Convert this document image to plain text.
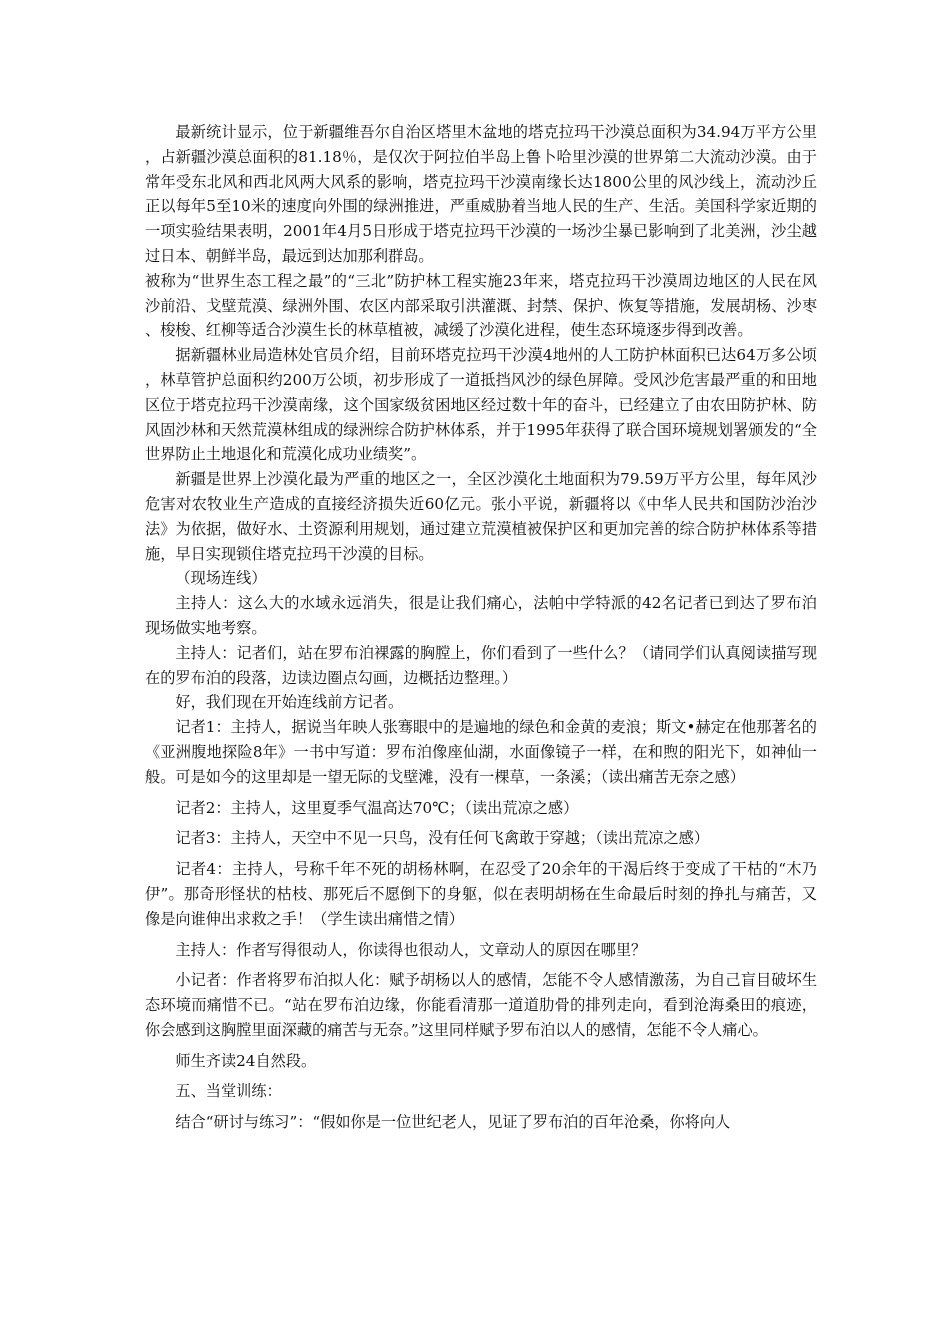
最新统计显示，位于新疆维吾尔自治区塔里木盆地的塔克拉玛干沙漠总面积为34.94万平方公里，占新疆沙漠总面积的81.18％，是仅次于阿拉伯半岛上鲁卜哈里沙漠的世界第二大流动沙漠。由于常年受东北风和西北风两大风系的影响，塔克拉玛干沙漠南缘长达1800公里的风沙线上，流动沙丘正以每年5至10米的速度向外围的绿洲推进，严重威胁着当地人民的生产、生活。美国科学家近期的一项实验结果表明，2001年4月5日形成于塔克拉玛干沙漠的一场沙尘暴已影响到了北美洲，沙尘越过日本、朝鲜半岛，最远到达加那利群岛。

被称为“世界生态工程之最”的“三北”防护林工程实施23年来，塔克拉玛干沙漠周边地区的人民在风沙前沿、戈壁荒漠、绿洲外围、农区内部采取引洪灌溉、封禁、保护、恢复等措施，发展胡杨、沙枣、梭梭、红柳等适合沙漠生长的林草植被，减缓了沙漠化进程，使生态环境逐步得到改善。

据新疆林业局造林处官员介绍，目前环塔克拉玛干沙漠4地州的人工防护林面积已达64万多公顷，林草管护总面积约200万公顷，初步形成了一道抵挡风沙的绿色屏障。受风沙危害最严重的和田地区位于塔克拉玛干沙漠南缘，这个国家级贫困地区经过数十年的奋斗，已经建立了由农田防护林、防风固沙林和天然荒漠林组成的绿洲综合防护林体系，并于1995年获得了联合国环境规划署颁发的“全世界防止土地退化和荒漠化成功业绩奖”。

新疆是世界上沙漠化最为严重的地区之一，全区沙漠化土地面积为79.59万平方公里，每年风沙危害对农牧业生产造成的直接经济损失近60亿元。张小平说，新疆将以《中华人民共和国防沙治沙法》为依据，做好水、土资源利用规划，通过建立荒漠植被保护区和更加完善的综合防护林体系等措施，早日实现锁住塔克拉玛干沙漠的目标。

（现场连线）

主持人：这么大的水域永远消失，很是让我们痛心，法帕中学特派的42名记者已到达了罗布泊现场做实地考察。

主持人：记者们，站在罗布泊裸露的胸膛上，你们看到了一些什么？（请同学们认真阅读描写现在的罗布泊的段落，边读边圈点勾画，边概括边整理。）

好，我们现在开始连线前方记者。

记者1：主持人，据说当年映人张骞眼中的是遍地的绿色和金黄的麦浪；斯文•赫定在他那著名的《亚洲腹地探险8年》一书中写道：罗布泊像座仙湖，水面像镜子一样，在和煦的阳光下，如神仙一般。可是如今的这里却是一望无际的戈壁滩，没有一棵草，一条溪；（读出痛苦无奈之感）

记者2：主持人，这里夏季气温高达70℃；（读出荒凉之感）

记者3：主持人，天空中不见一只鸟，没有任何飞禽敢于穿越；（读出荒凉之感）

记者4：主持人，号称千年不死的胡杨林啊，在忍受了20余年的干渴后终于变成了干枯的“木乃伊”。那奇形怪状的枯枝、那死后不愿倒下的身躯，似在表明胡杨在生命最后时刻的挣扎与痛苦，又像是向谁伸出求救之手！（学生读出痛惜之情）

主持人：作者写得很动人，你读得也很动人，文章动人的原因在哪里？

小记者：作者将罗布泊拟人化：赋予胡杨以人的感情，怎能不令人感情激荡，为自己盲目破坏生态环境而痛惜不已。“站在罗布泊边缘，你能看清那一道道肋骨的排列走向，看到沧海桑田的痕迹，你会感到这胸膛里面深藏的痛苦与无奈。”这里同样赋予罗布泊以人的感情，怎能不令人痛心。

师生齐读24自然段。

五、当堂训练：

结合“研讨与练习”：“假如你是一位世纪老人，见证了罗布泊的百年沧桑，你将向人
